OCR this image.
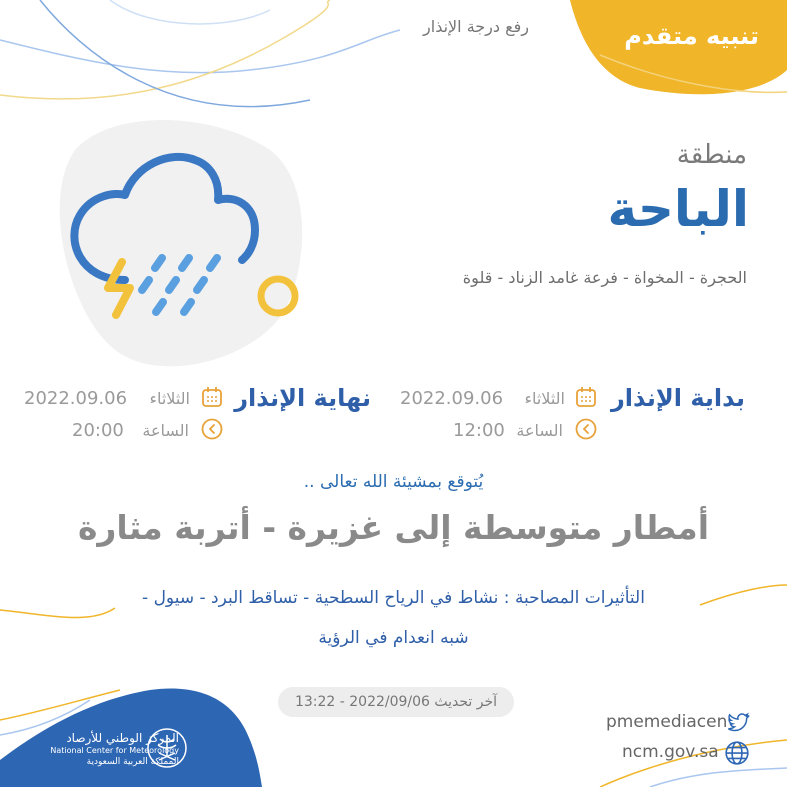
تنبيه متقدم
رفع درجة الإنذار
منطقة
الباحة
الحجرة - المخواة - فرعة غامد الزناد - قلوة
بداية الإنذار
الثلاثاء
2022.09.06
الساعة
12:00
نهاية الإنذار
الثلاثاء
2022.09.06
الساعة
20:00
يُتوقع بمشيئة الله تعالى ..
أمطار متوسطة إلى غزيرة - أتربة مثارة
التأثيرات المصاحبة : نشاط في الرياح السطحية - تساقط البرد - سيول -
شبه انعدام في الرؤية
آخر تحديث 2022/09/06 - 13:22
pmemediacen
ncm.gov.sa
المركز الوطني للأرصاد
National Center for Meteorology
المملكة العربية السعودية
